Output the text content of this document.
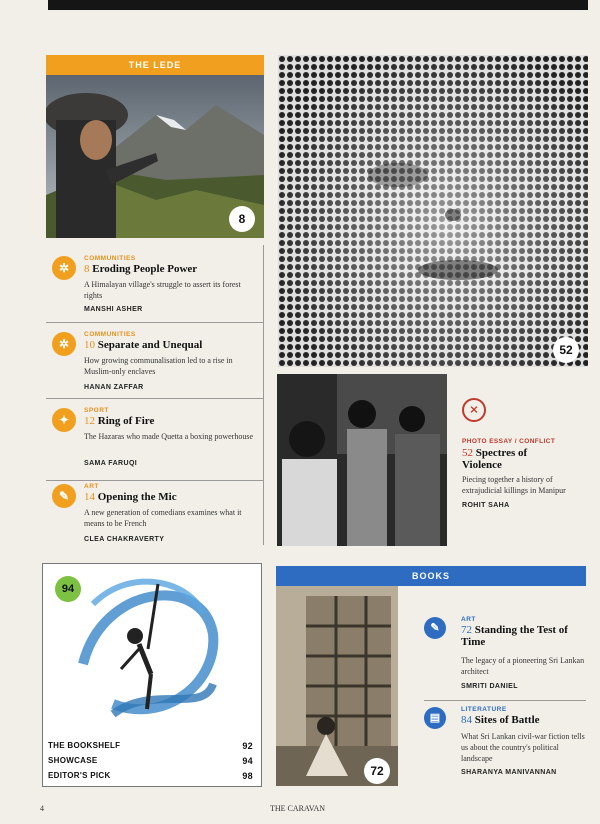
THE LEDE
8
✲
COMMUNITIES
8 Eroding People Power
A Himalayan village's struggle to assert its forest rights
MANSHI ASHER
✲
COMMUNITIES
10 Separate and Unequal
How growing communalisation led to a rise in Muslim-only enclaves
HANAN ZAFFAR
✦
SPORT
12 Ring of Fire
The Hazaras who made Quetta a boxing powerhouse
SAMA FARUQI
✎
ART
14 Opening the Mic
A new generation of comedians examines what it means to be French
CLEA CHAKRAVERTY
52
⨯
PHOTO ESSAY / CONFLICT
52 Spectres of
Violence
Piecing together a history of extrajudicial killings in Manipur
ROHIT SAHA
94
THE BOOKSHELF	92
SHOWCASE	94
EDITOR'S PICK	98
BOOKS
72
✎
ART
72 Standing the Test of Time
The legacy of a pioneering Sri Lankan architect
SMRITI DANIEL
▤
LITERATURE
84 Sites of Battle
What Sri Lankan civil-war fiction tells us about the country's political landscape
SHARANYA MANIVANNAN
4	THE CARAVAN
